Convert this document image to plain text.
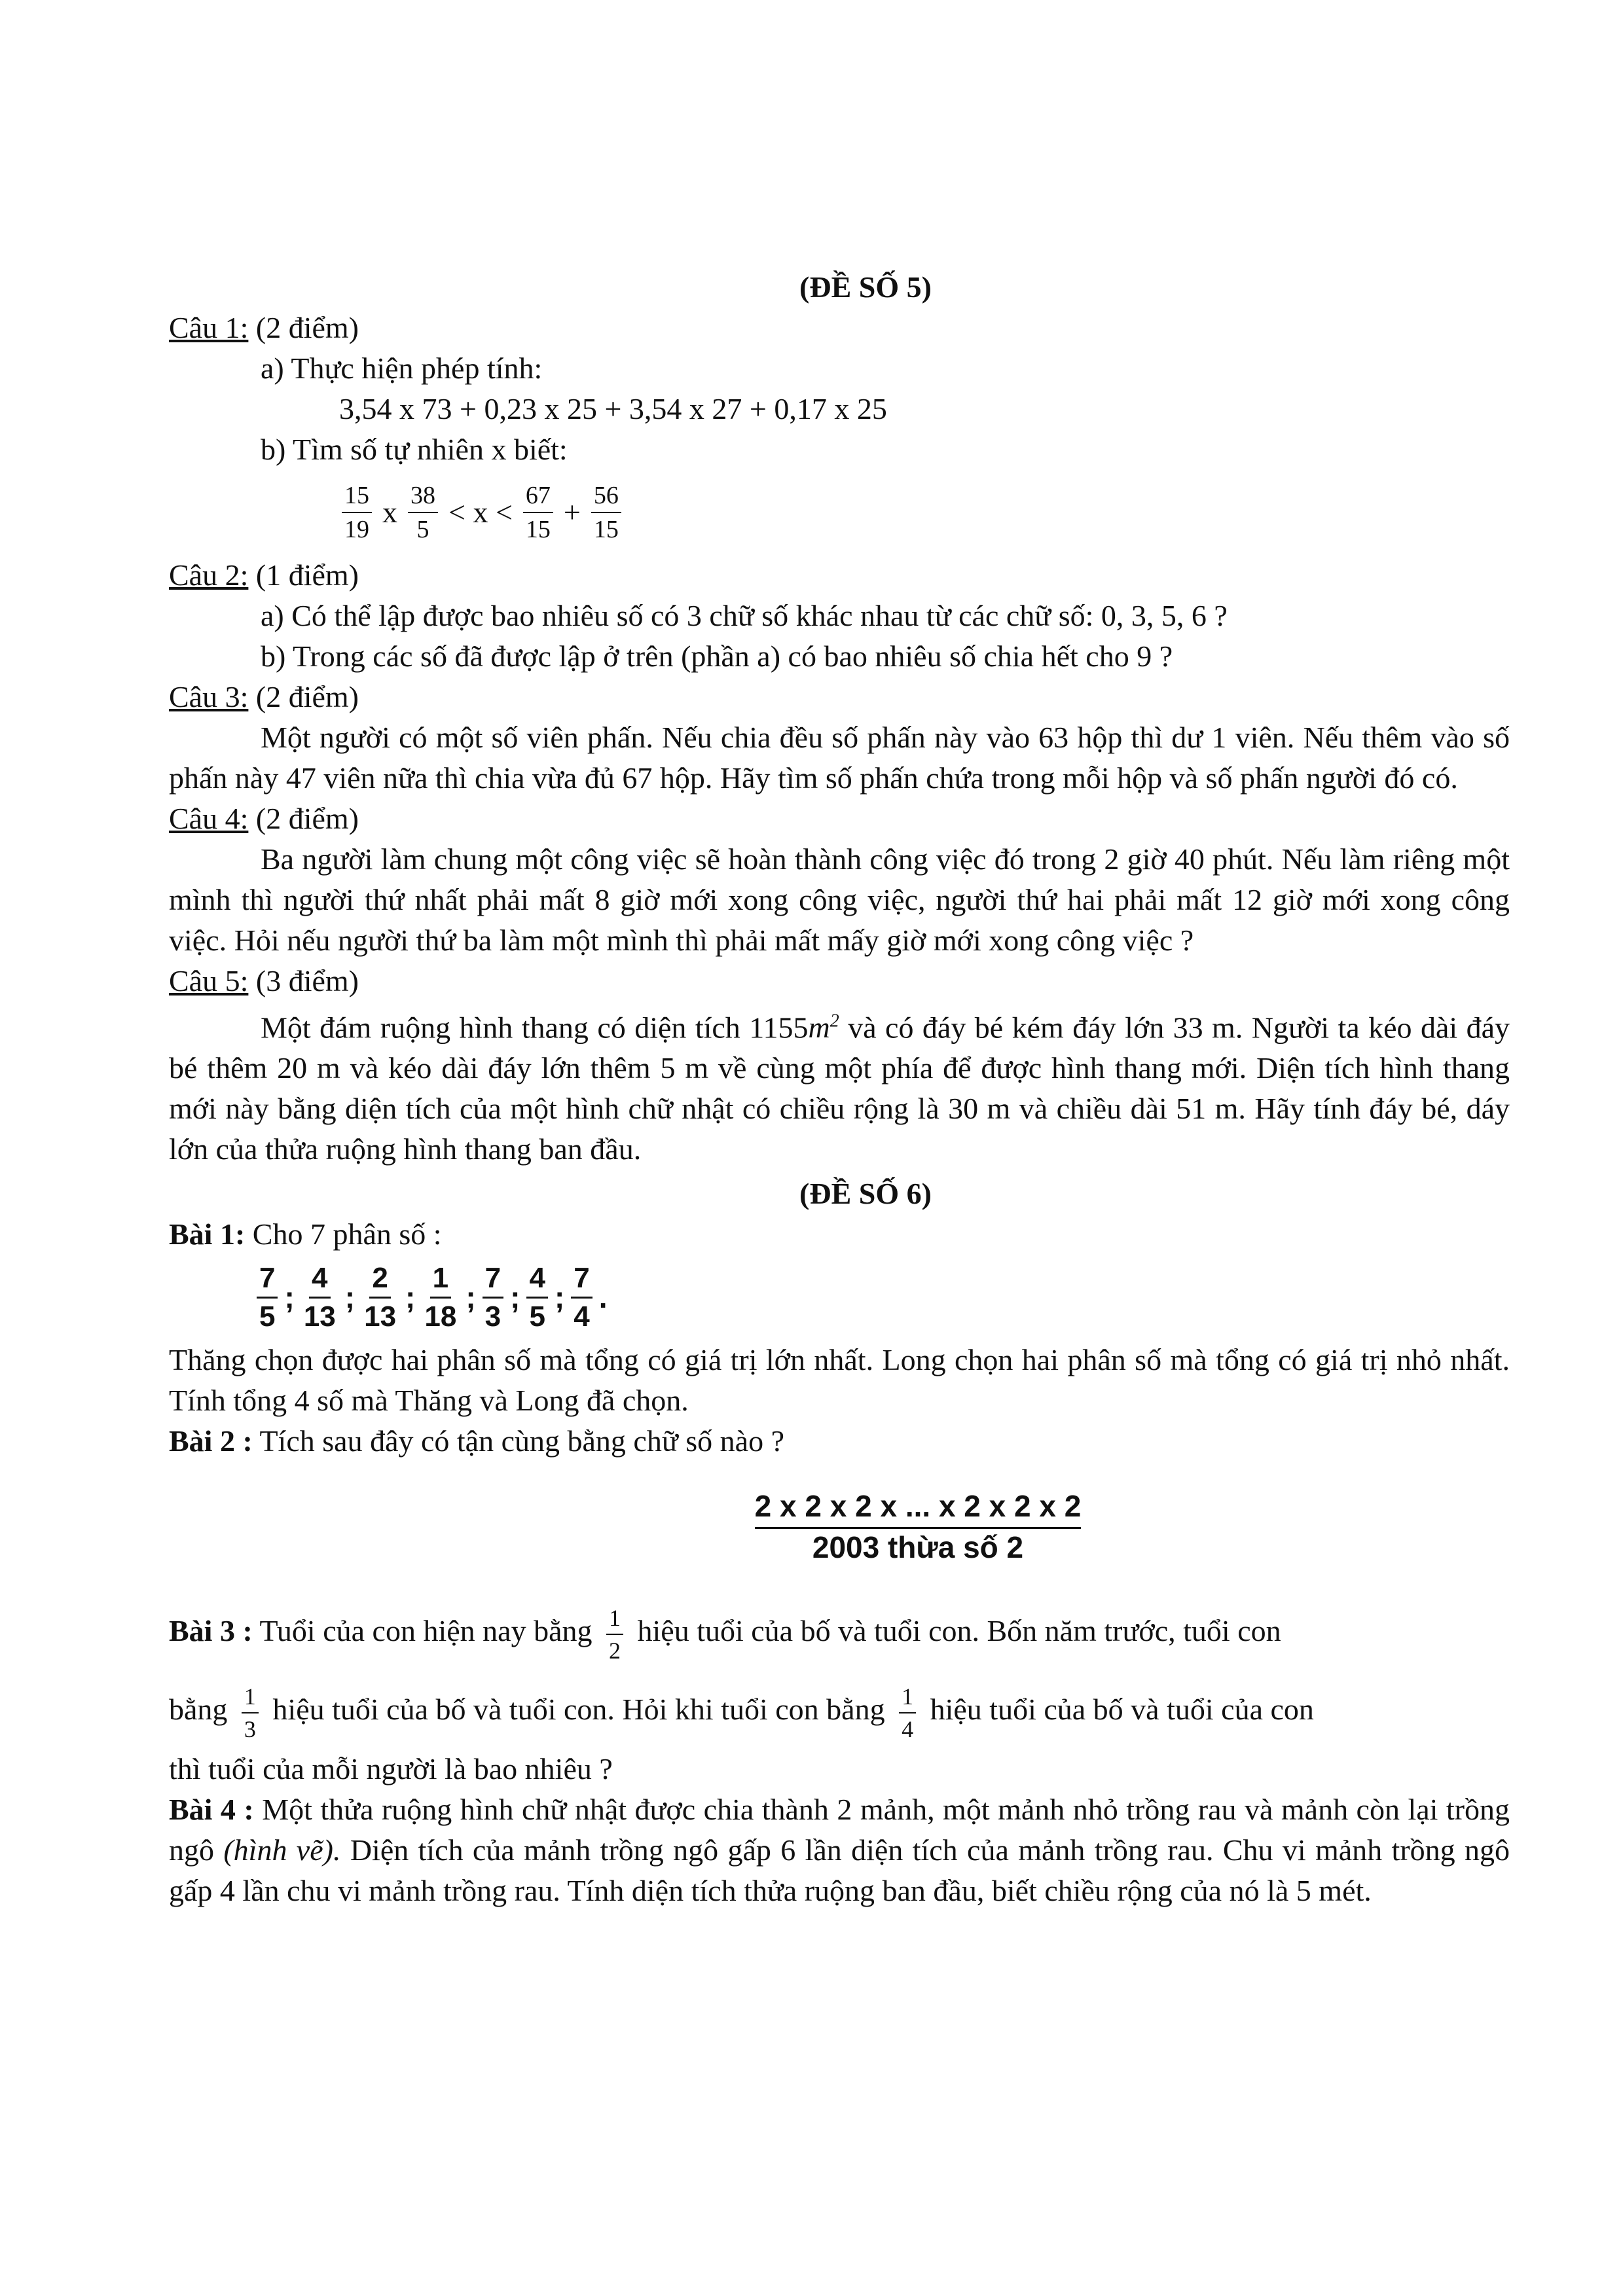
(ĐỀ SỐ 5)
Câu 1: (2 điểm)
a) Thực hiện phép tính:
3,54 x 73 + 0,23 x 25 + 3,54 x 27 + 0,17 x 25
b) Tìm số tự nhiên x biết:
$\frac{15}{19}$ x $\frac{38}{5} < x < \frac{67}{15} + \frac{56}{15}$
Câu 2: (1 điểm)
a) Có thể lập được bao nhiêu số có 3 chữ số khác nhau từ các chữ số: 0, 3, 5, 6 ?
b) Trong các số đã được lập ở trên (phần a) có bao nhiêu số chia hết cho 9 ?
Câu 3: (2 điểm)
Một người có một số viên phấn. Nếu chia đều số phấn này vào 63 hộp thì dư 1 viên. Nếu thêm vào số phấn này 47 viên nữa thì chia vừa đủ 67 hộp. Hãy tìm số phấn chứa trong mỗi hộp và số phấn người đó có.
Câu 4: (2 điểm)
Ba người làm chung một công việc sẽ hoàn thành công việc đó trong 2 giờ 40 phút. Nếu làm riêng một mình thì người thứ nhất phải mất 8 giờ mới xong công việc, người thứ hai phải mất 12 giờ mới xong công việc. Hỏi nếu người thứ ba làm một mình thì phải mất mấy giờ mới xong công việc ?
Câu 5: (3 điểm)
Một đám ruộng hình thang có diện tích $1155m^2$ và có đáy bé kém đáy lớn 33 m. Người ta kéo dài đáy bé thêm 20 m và kéo dài đáy lớn thêm 5 m về cùng một phía để được hình thang mới. Diện tích hình thang mới này bằng diện tích của một hình chữ nhật có chiều rộng là 30 m và chiều dài 51 m. Hãy tính đáy bé, dáy lớn của thửa ruộng hình thang ban đầu.
(ĐỀ SỐ 6)
Bài 1: Cho 7 phân số :
$\frac{7}{5}$ ; $\frac{4}{13}$ ; $\frac{2}{13}$ ; $\frac{1}{18}$ ; $\frac{7}{3}$ ; $\frac{4}{5}$ ; $\frac{7}{4}$ .
Thăng chọn được hai phân số mà tổng có giá trị lớn nhất. Long chọn hai phân số mà tổng có giá trị nhỏ nhất. Tính tổng 4 số mà Thăng và Long đã chọn.
Bài 2 : Tích sau đây có tận cùng bằng chữ số nào ?
2 x 2 x 2 x ... x 2 x 2 x 2
2003 thừa số 2
Bài 3 : Tuổi của con hiện nay bằng $\frac{1}{2}$ hiệu tuổi của bố và tuổi con. Bốn năm trước, tuổi con
bằng $\frac{1}{3}$ hiệu tuổi của bố và tuổi con. Hỏi khi tuổi con bằng $\frac{1}{4}$ hiệu tuổi của bố và tuổi của con
thì tuổi của mỗi người là bao nhiêu ?
Bài 4 : Một thửa ruộng hình chữ nhật được chia thành 2 mảnh, một mảnh nhỏ trồng rau và mảnh còn lại trồng ngô (hình vẽ). Diện tích của mảnh trồng ngô gấp 6 lần diện tích của mảnh trồng rau. Chu vi mảnh trồng ngô gấp 4 lần chu vi mảnh trồng rau. Tính diện tích thửa ruộng ban đầu, biết chiều rộng của nó là 5 mét.
